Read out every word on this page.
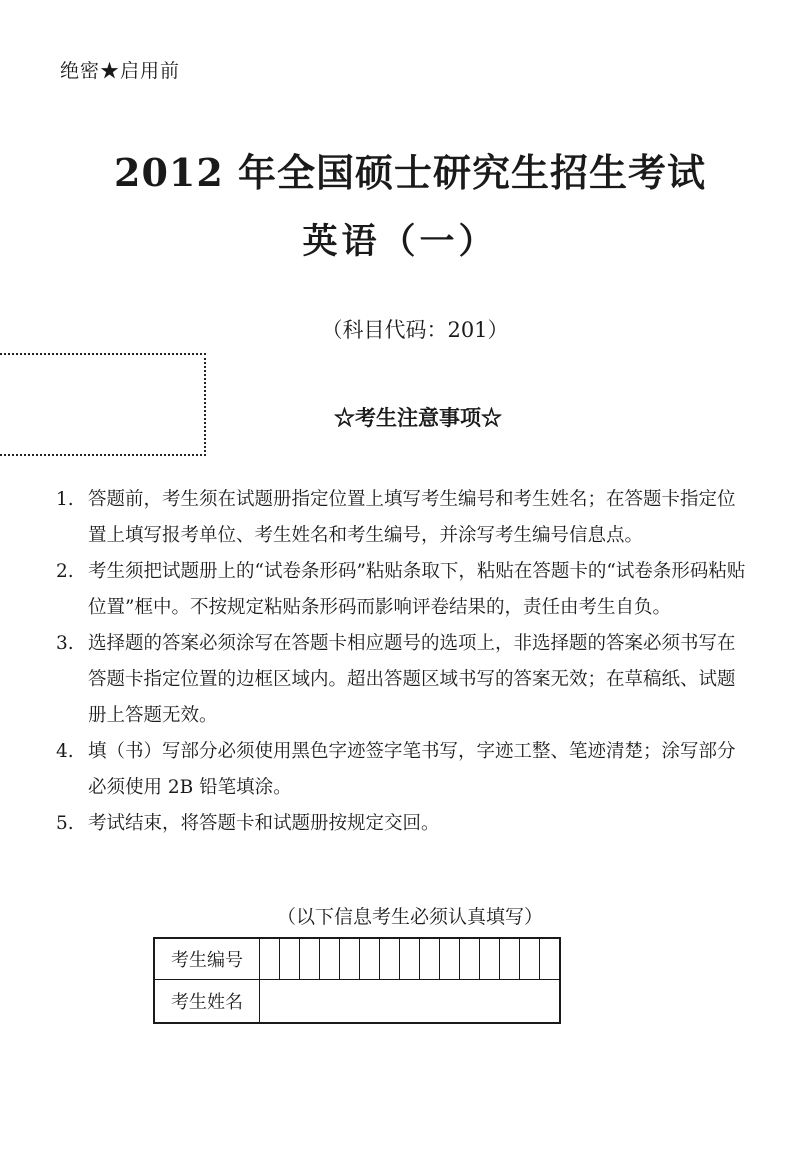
绝密★启用前
2012 年全国硕士研究生招生考试
英语（一）
（科目代码：201）
☆考生注意事项☆
1. 答题前，考生须在试题册指定位置上填写考生编号和考生姓名；在答题卡指定位置上填写报考单位、考生姓名和考生编号，并涂写考生编号信息点。
2. 考生须把试题册上的“试卷条形码”粘贴条取下，粘贴在答题卡的“试卷条形码粘贴位置”框中。不按规定粘贴条形码而影响评卷结果的，责任由考生自负。
3. 选择题的答案必须涂写在答题卡相应题号的选项上，非选择题的答案必须书写在答题卡指定位置的边框区域内。超出答题区域书写的答案无效；在草稿纸、试题册上答题无效。
4. 填（书）写部分必须使用黑色字迹签字笔书写，字迹工整、笔迹清楚；涂写部分必须使用 2B 铅笔填涂。
5. 考试结束，将答题卡和试题册按规定交回。
（以下信息考生必须认真填写）
考生编号															
考生姓名															
